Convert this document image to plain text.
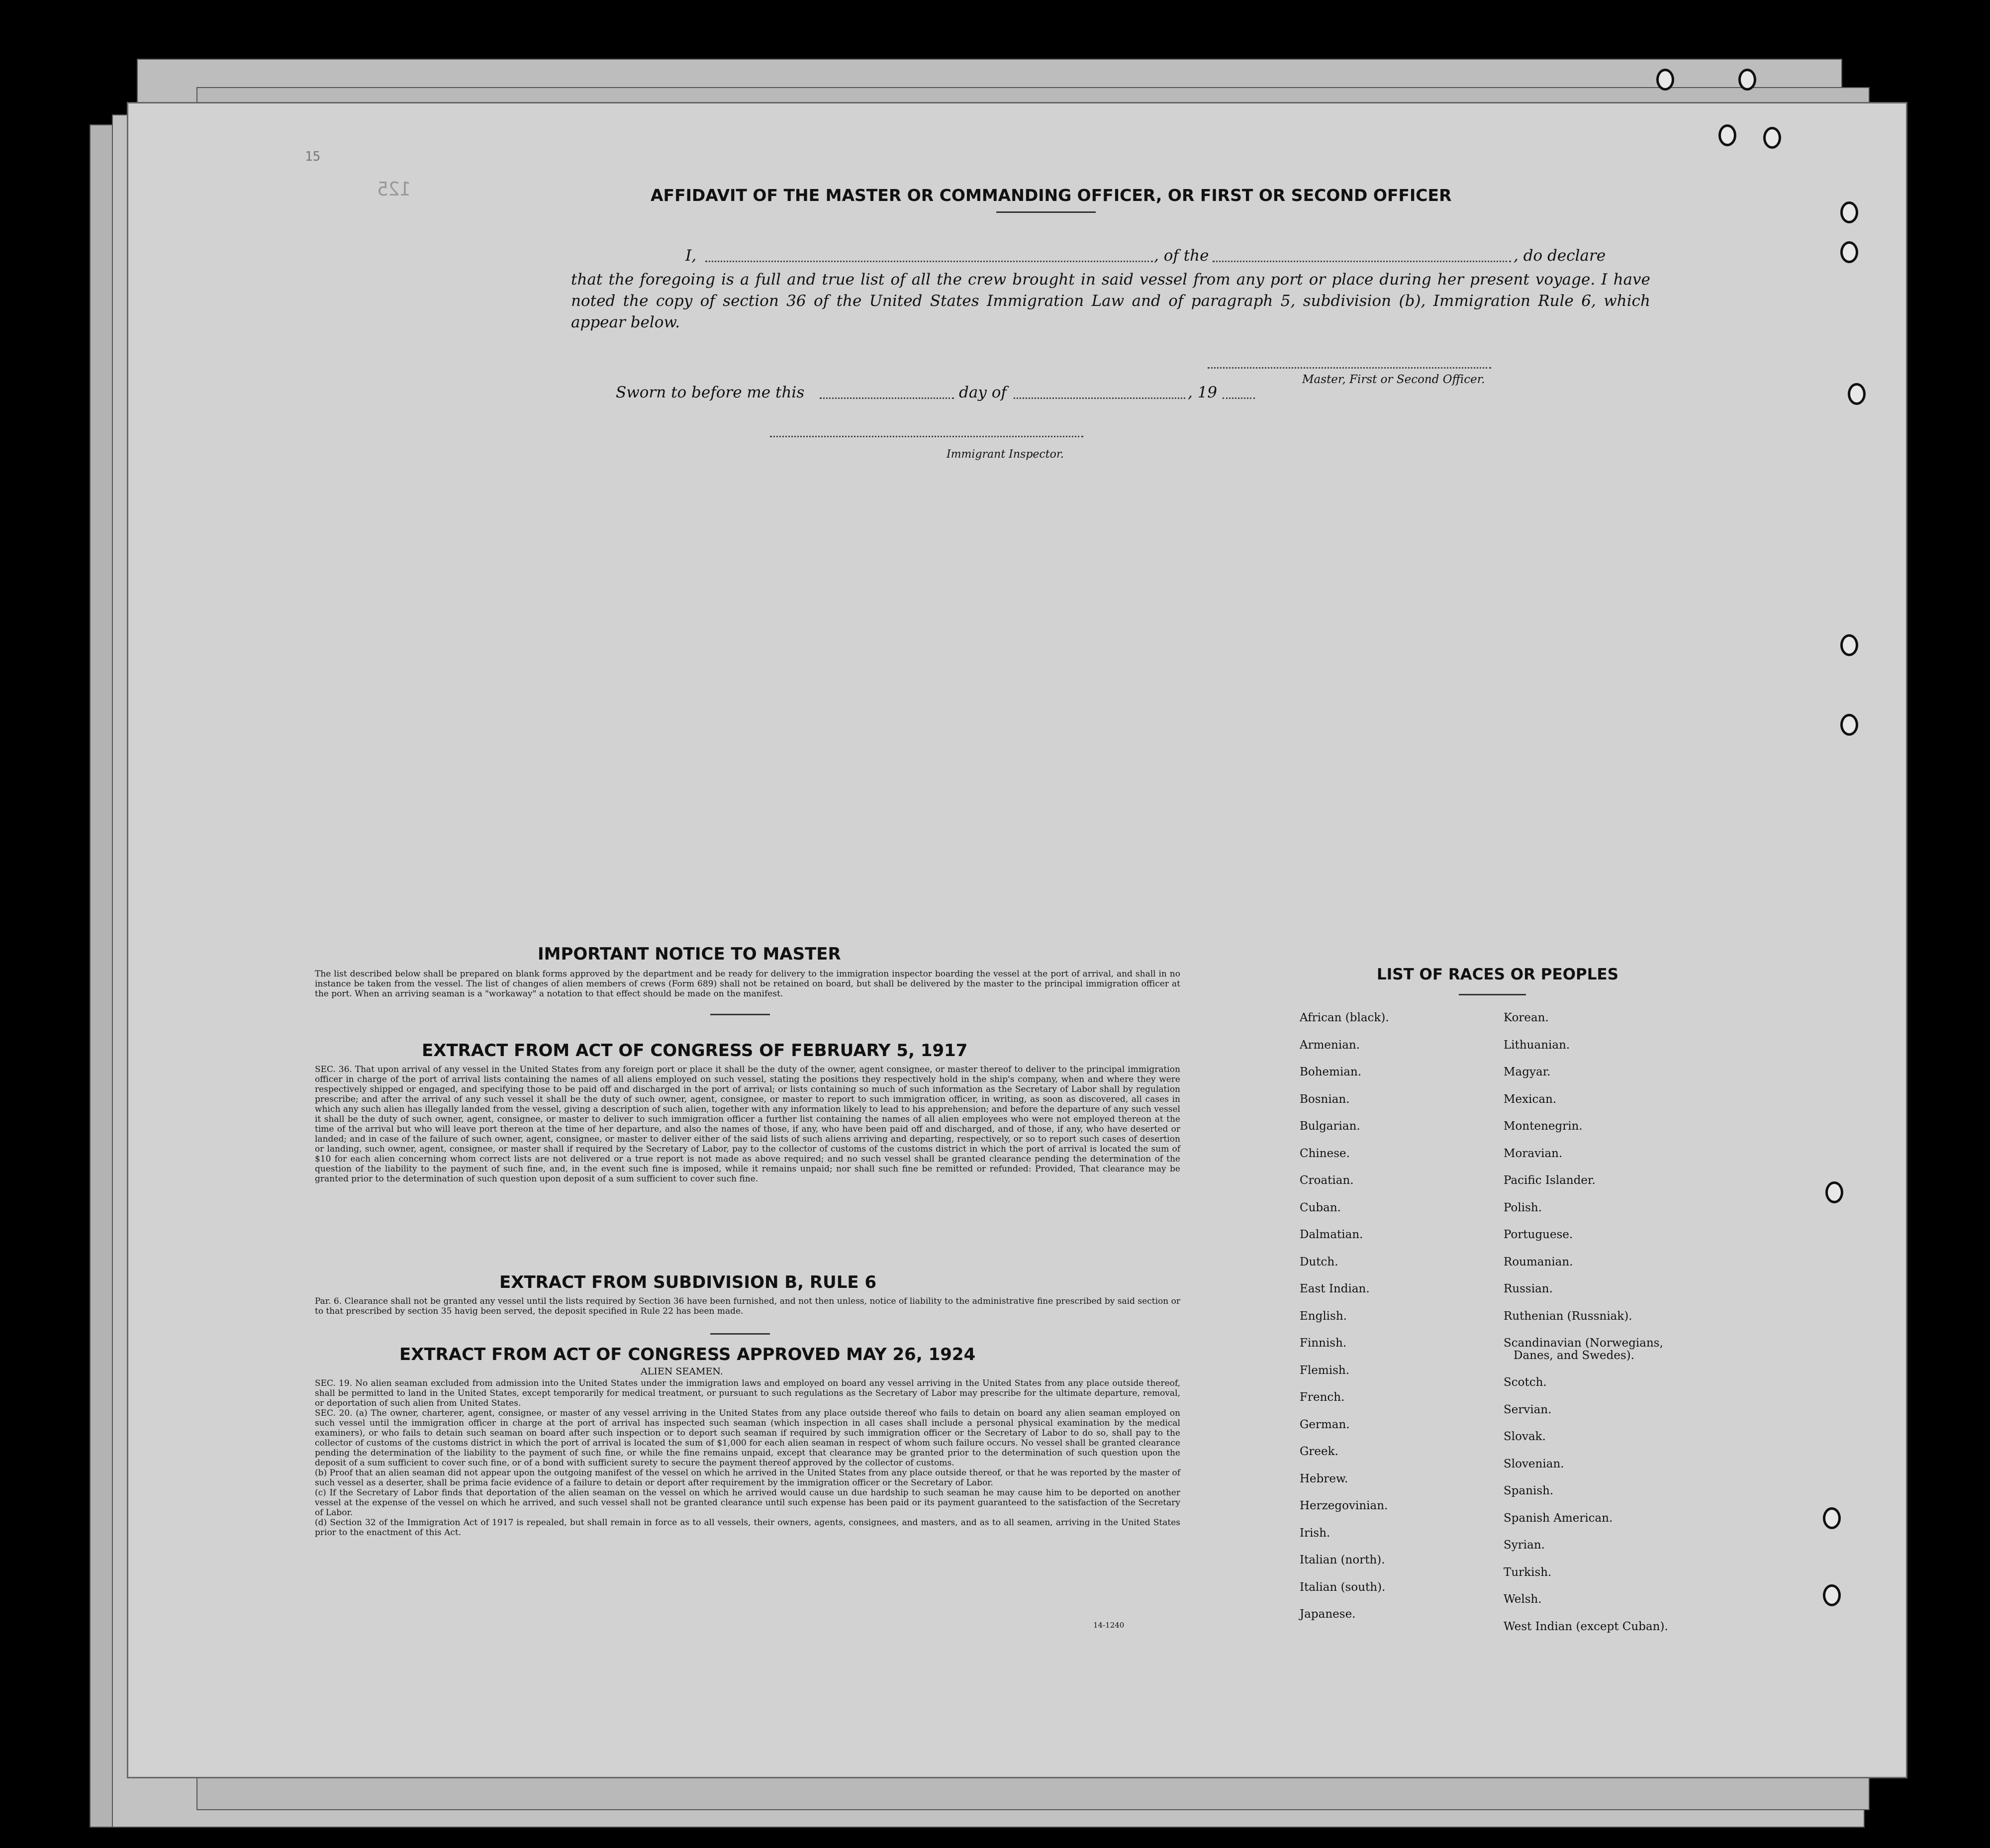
125
15
AFFIDAVIT OF THE MASTER OR COMMANDING OFFICER, OR FIRST OR SECOND OFFICER
I,	, of the	, do declare
that the foregoing is a full and true list of all the crew brought in said vessel from any port or place during her present voyage. I have noted the copy of section 36 of the United States Immigration Law and of paragraph 5, subdivision (b), Immigration Rule 6, which appear below.
Master, First or Second Officer.
Sworn to before me this	day of	, 19
Immigrant Inspector.
IMPORTANT NOTICE TO MASTER
The list described below shall be prepared on blank forms approved by the department and be ready for delivery to the immigration inspector boarding the vessel at the port of arrival, and shall in no instance be taken from the vessel. The list of changes of alien members of crews (Form 689) shall not be retained on board, but shall be delivered by the master to the principal immigration officer at the port. When an arriving seaman is a "workaway" a notation to that effect should be made on the manifest.
EXTRACT FROM ACT OF CONGRESS OF FEBRUARY 5, 1917
SEC. 36. That upon arrival of any vessel in the United States from any foreign port or place it shall be the duty of the owner, agent consignee, or master thereof to deliver to the principal immigration officer in charge of the port of arrival lists containing the names of all aliens employed on such vessel, stating the positions they respectively hold in the ship's company, when and where they were respectively shipped or engaged, and specifying those to be paid off and discharged in the port of arrival; or lists containing so much of such information as the Secretary of Labor shall by regulation prescribe; and after the arrival of any such vessel it shall be the duty of such owner, agent, consignee, or master to report to such immigration officer, in writing, as soon as discovered, all cases in which any such alien has illegally landed from the vessel, giving a description of such alien, together with any information likely to lead to his apprehension; and before the departure of any such vessel it shall be the duty of such owner, agent, consignee, or master to deliver to such immigration officer a further list containing the names of all alien employees who were not employed thereon at the time of the arrival but who will leave port thereon at the time of her departure, and also the names of those, if any, who have been paid off and discharged, and of those, if any, who have deserted or landed; and in case of the failure of such owner, agent, consignee, or master to deliver either of the said lists of such aliens arriving and departing, respectively, or so to report such cases of desertion or landing, such owner, agent, consignee, or master shall if required by the Secretary of Labor, pay to the collector of customs of the customs district in which the port of arrival is located the sum of $10 for each alien concerning whom correct lists are not delivered or a true report is not made as above required; and no such vessel shall be granted clearance pending the determination of the question of the liability to the payment of such fine, and, in the event such fine is imposed, while it remains unpaid; nor shall such fine be remitted or refunded: Provided, That clearance may be granted prior to the determination of such question upon deposit of a sum sufficient to cover such fine.
EXTRACT FROM SUBDIVISION B, RULE 6
Par. 6. Clearance shall not be granted any vessel until the lists required by Section 36 have been furnished, and not then unless, notice of liability to the administrative fine prescribed by said section or to that prescribed by section 35 havig been served, the deposit specified in Rule 22 has been made.
EXTRACT FROM ACT OF CONGRESS APPROVED MAY 26, 1924
ALIEN SEAMEN.
SEC. 19. No alien seaman excluded from admission into the United States under the immigration laws and employed on board any vessel arriving in the United States from any place outside thereof, shall be permitted to land in the United States, except temporarily for medical treatment, or pursuant to such regulations as the Secretary of Labor may prescribe for the ultimate departure, removal, or deportation of such alien from United States.
SEC. 20. (a) The owner, charterer, agent, consignee, or master of any vessel arriving in the United States from any place outside thereof who fails to detain on board any alien seaman employed on such vessel until the immigration officer in charge at the port of arrival has inspected such seaman (which inspection in all cases shall include a personal physical examination by the medical examiners), or who fails to detain such seaman on board after such inspection or to deport such seaman if required by such immigration officer or the Secretary of Labor to do so, shall pay to the collector of customs of the customs district in which the port of arrival is located the sum of $1,000 for each alien seaman in respect of whom such failure occurs. No vessel shall be granted clearance pending the determination of the liability to the payment of such fine, or while the fine remains unpaid, except that clearance may be granted prior to the determination of such question upon the deposit of a sum sufficient to cover such fine, or of a bond with sufficient surety to secure the payment thereof approved by the collector of customs.
(b) Proof that an alien seaman did not appear upon the outgoing manifest of the vessel on which he arrived in the United States from any place outside thereof, or that he was reported by the master of such vessel as a deserter, shall be prima facie evidence of a failure to detain or deport after requirement by the immigration officer or the Secretary of Labor.
(c) If the Secretary of Labor finds that deportation of the alien seaman on the vessel on which he arrived would cause un due hardship to such seaman he may cause him to be deported on another vessel at the expense of the vessel on which he arrived, and such vessel shall not be granted clearance until such expense has been paid or its payment guaranteed to the satisfaction of the Secretary of Labor.
(d) Section 32 of the Immigration Act of 1917 is repealed, but shall remain in force as to all vessels, their owners, agents, consignees, and masters, and as to all seamen, arriving in the United States prior to the enactment of this Act.
14-1240
LIST OF RACES OR PEOPLES
African (black).
Armenian.
Bohemian.
Bosnian.
Bulgarian.
Chinese.
Croatian.
Cuban.
Dalmatian.
Dutch.
East Indian.
English.
Finnish.
Flemish.
French.
German.
Greek.
Hebrew.
Herzegovinian.
Irish.
Italian (north).
Italian (south).
Japanese.
Korean.
Lithuanian.
Magyar.
Mexican.
Montenegrin.
Moravian.
Pacific Islander.
Polish.
Portuguese.
Roumanian.
Russian.
Ruthenian (Russniak).
Scandinavian (Norwegians,
Danes, and Swedes).
Scotch.
Servian.
Slovak.
Slovenian.
Spanish.
Spanish American.
Syrian.
Turkish.
Welsh.
West Indian (except Cuban).
